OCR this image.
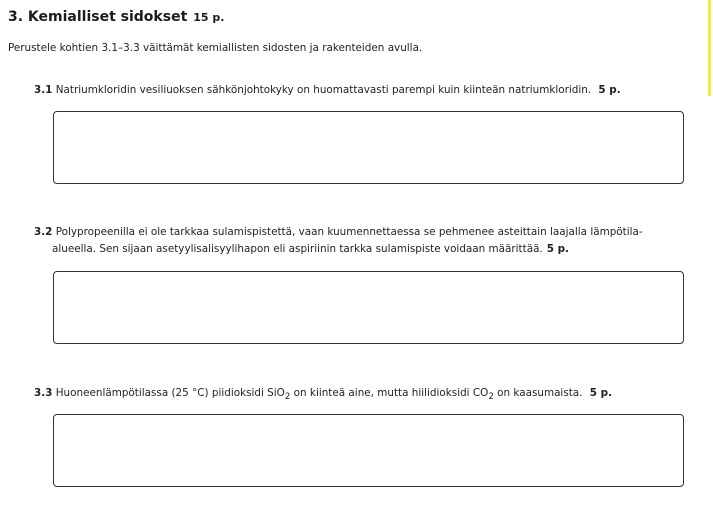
3. Kemialliset sidokset 15 p.
Perustele kohtien 3.1–3.3 väittämät kemiallisten sidosten ja rakenteiden avulla.
3.1 Natriumkloridin vesiliuoksen sähkönjohtokyky on huomattavasti parempi kuin kiinteän natriumkloridin. 5 p.
3.2 Polypropeenilla ei ole tarkkaa sulamispistettä, vaan kuumennettaessa se pehmenee asteittain laajalla lämpötila-
alueella. Sen sijaan asetyylisalisyylihapon eli aspiriinin tarkka sulamispiste voidaan määrittää. 5 p.
3.3 Huoneenlämpötilassa (25 °C) piidioksidi SiO$_2$ on kiinteä aine, mutta hiilidioksidi $CO_2$ on kaasumaista. 5 p.
